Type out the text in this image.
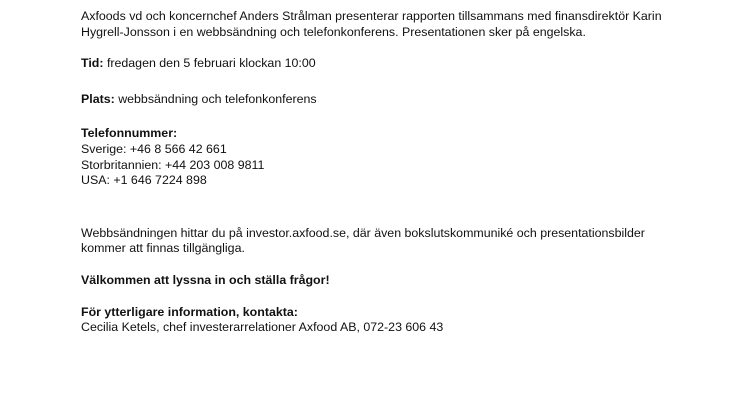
Axfoods vd och koncernchef Anders Strålman presenterar rapporten tillsammans med finansdirektör Karin Hygrell-Jonsson i en webbsändning och telefonkonferens. Presentationen sker på engelska.

Tid: fredagen den 5 februari klockan 10:00

Plats: webbsändning och telefonkonferens

Telefonnummer:
Sverige: +46 8 566 42 661
Storbritannien: +44 203 008 9811
USA: +1 646 7224 898

Webbsändningen hittar du på investor.axfood.se, där även bokslutskommuniké och presentationsbilder kommer att finnas tillgängliga.

Välkommen att lyssna in och ställa frågor!

För ytterligare information, kontakta:
Cecilia Ketels, chef investerarrelationer Axfood AB, 072-23 606 43
